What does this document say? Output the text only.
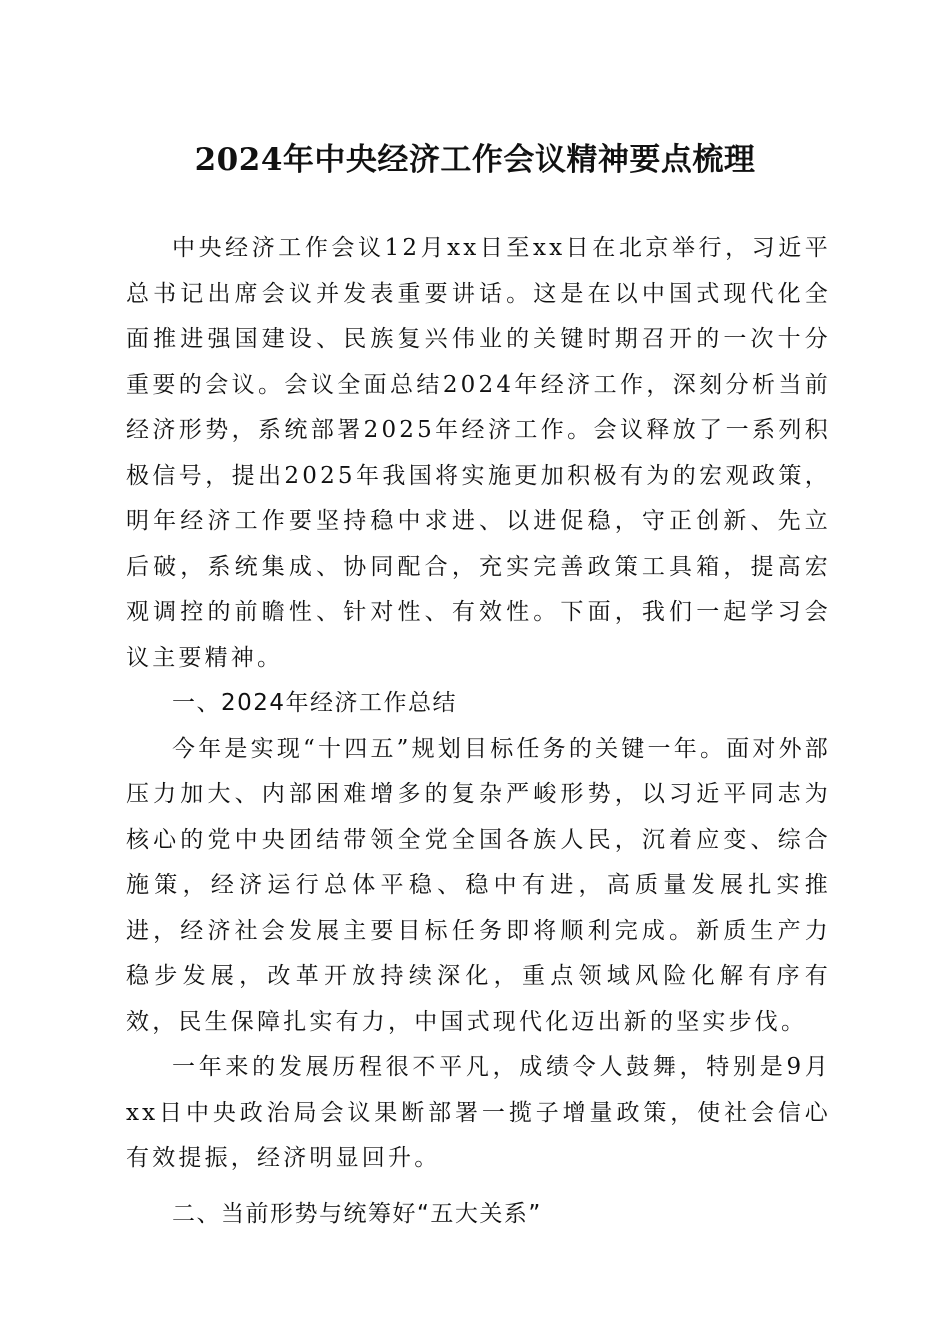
2024年中央经济工作会议精神要点梳理

中央经济工作会议12月xx日至xx日在北京举行，习近平总书记出席会议并发表重要讲话。这是在以中国式现代化全面推进强国建设、民族复兴伟业的关键时期召开的一次十分重要的会议。会议全面总结2024年经济工作，深刻分析当前经济形势，系统部署2025年经济工作。会议释放了一系列积极信号，提出2025年我国将实施更加积极有为的宏观政策，明年经济工作要坚持稳中求进、以进促稳，守正创新、先立后破，系统集成、协同配合，充实完善政策工具箱，提高宏观调控的前瞻性、针对性、有效性。下面，我们一起学习会议主要精神。

一、2024年经济工作总结

今年是实现“十四五”规划目标任务的关键一年。面对外部压力加大、内部困难增多的复杂严峻形势，以习近平同志为核心的党中央团结带领全党全国各族人民，沉着应变、综合施策，经济运行总体平稳、稳中有进，高质量发展扎实推进，经济社会发展主要目标任务即将顺利完成。新质生产力稳步发展，改革开放持续深化，重点领域风险化解有序有效，民生保障扎实有力，中国式现代化迈出新的坚实步伐。

一年来的发展历程很不平凡，成绩令人鼓舞，特别是9月xx日中央政治局会议果断部署一揽子增量政策，使社会信心有效提振，经济明显回升。

二、当前形势与统筹好“五大关系”
